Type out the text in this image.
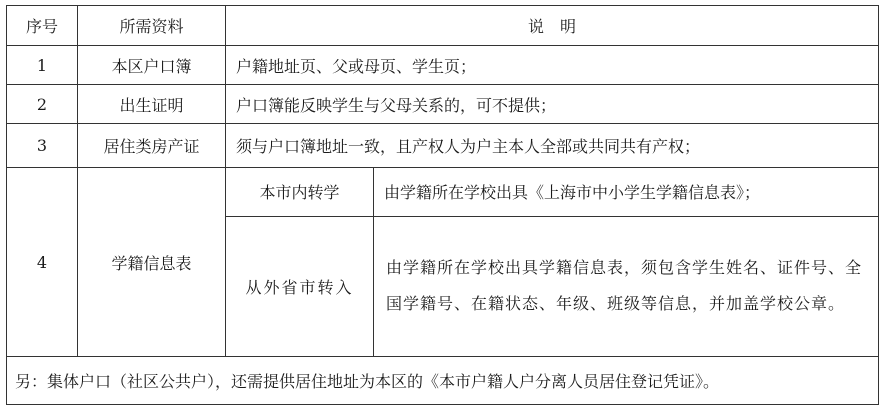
序号	所需资料	说　明	
1	本区户口簿	户籍地址页、父或母页、学生页；	
2	出生证明	户口簿能反映学生与父母关系的，可不提供；	
3	居住类房产证	须与户口簿地址一致，且产权人为户主本人全部或共同共有产权；	
4	学籍信息表	本市内转学	由学籍所在学校出具《上海市中小学生学籍信息表》；
		从外省市转入	由学籍所在学校出具学籍信息表，须包含学生姓名、证件号、全国学籍号、在籍状态、年级、班级等信息，并加盖学校公章。
另：集体户口（社区公共户），还需提供居住地址为本区的《本市户籍人户分离人员居住登记凭证》。			
